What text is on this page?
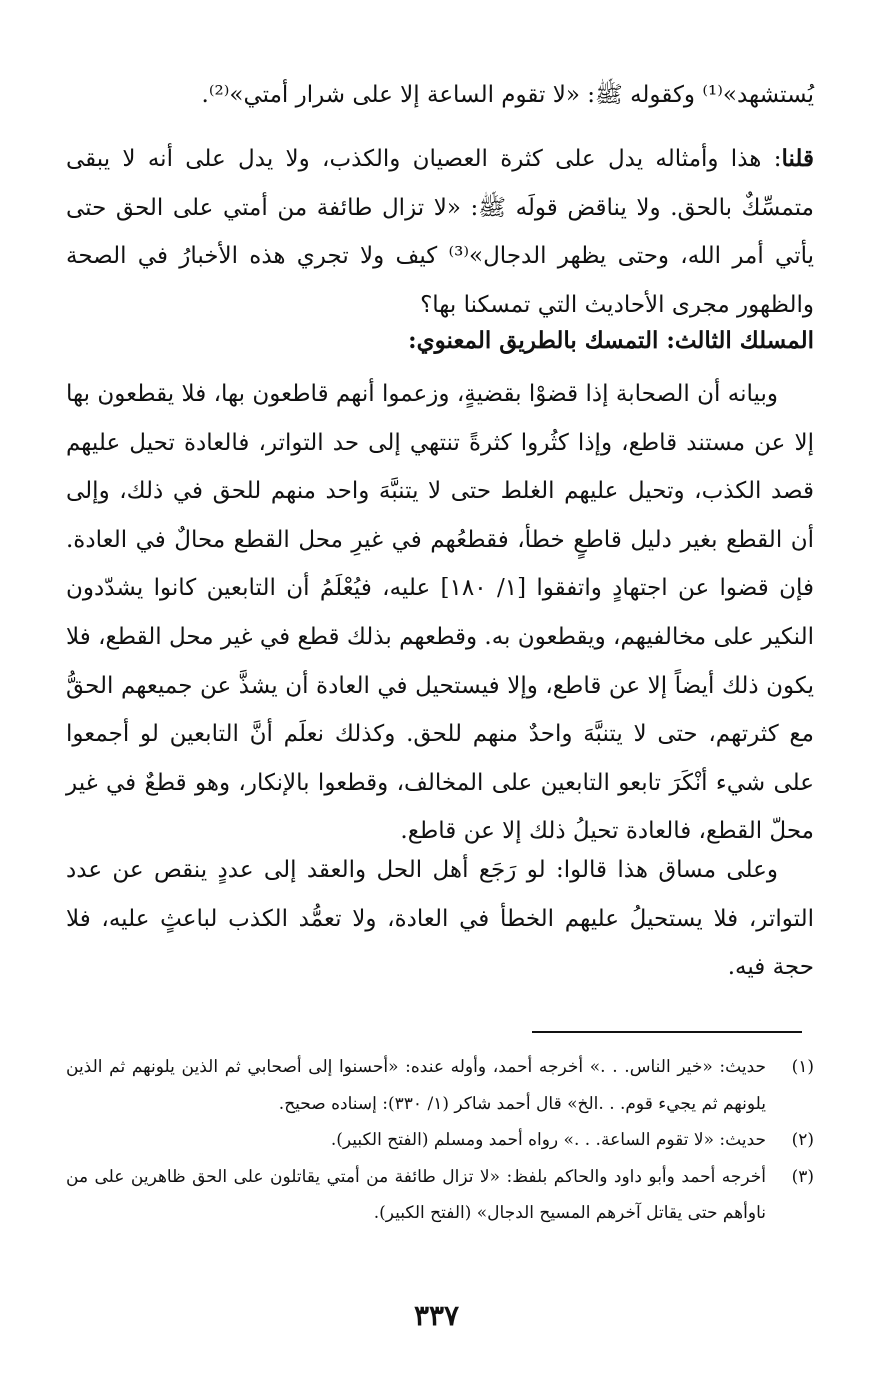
يُستشهد»⁽¹⁾ وكقوله ﷺ: «لا تقوم الساعة إلا على شرار أمتي»⁽²⁾.

قلنا: هذا وأمثاله يدل على كثرة العصيان والكذب، ولا يدل على أنه لا يبقى متمسِّكٌ بالحق. ولا يناقض قولَه ﷺ: «لا تزال طائفة من أمتي على الحق حتى يأتي أمر الله، وحتى يظهر الدجال»⁽³⁾ كيف ولا تجري هذه الأخبارُ في الصحة والظهور مجرى الأحاديث التي تمسكنا بها؟

المسلك الثالث: التمسك بالطريق المعنوي:

وبيانه أن الصحابة إذا قضوْا بقضيةٍ، وزعموا أنهم قاطعون بها، فلا يقطعون بها إلا عن مستند قاطع، وإذا كثُروا كثرةً تنتهي إلى حد التواتر، فالعادة تحيل عليهم قصد الكذب، وتحيل عليهم الغلط حتى لا يتنبَّهَ واحد منهم للحق في ذلك، وإلى أن القطع بغير دليل قاطعٍ خطأ، فقطعُهم في غيرِ محل القطع محالٌ في العادة. فإن قضوا عن اجتهادٍ واتفقوا [١/ ١٨٠] عليه، فيُعْلَمُ أن التابعين كانوا يشدّدون النكير على مخالفيهم، ويقطعون به. وقطعهم بذلك قطع في غير محل القطع، فلا يكون ذلك أيضاً إلا عن قاطع، وإلا فيستحيل في العادة أن يشذَّ عن جميعهم الحقُّ مع كثرتهم، حتى لا يتنبَّهَ واحدٌ منهم للحق. وكذلك نعلَم أنَّ التابعين لو أجمعوا على شيء أنْكَرَ تابعو التابعين على المخالف، وقطعوا بالإنكار، وهو قطعٌ في غير محلّ القطع، فالعادة تحيلُ ذلك إلا عن قاطع.

وعلى مساق هذا قالوا: لو رَجَع أهل الحل والعقد إلى عددٍ ينقص عن عدد التواتر، فلا يستحيلُ عليهم الخطأ في العادة، ولا تعمُّد الكذب لباعثٍ عليه، فلا حجة فيه.

(١)
حديث: «خير الناس. . .» أخرجه أحمد، وأوله عنده: «أحسنوا إلى أصحابي ثم الذين يلونهم ثم الذين يلونهم ثم يجيء قوم. . .الخ» قال أحمد شاكر (١/ ٣٣٠): إسناده صحيح.
(٢)
حديث: «لا تقوم الساعة. . .» رواه أحمد ومسلم (الفتح الكبير).
(٣)
أخرجه أحمد وأبو داود والحاكم بلفظ: «لا تزال طائفة من أمتي يقاتلون على الحق ظاهرين على من ناوأهم حتى يقاتل آخرهم المسيح الدجال» (الفتح الكبير).
٣٣٧
